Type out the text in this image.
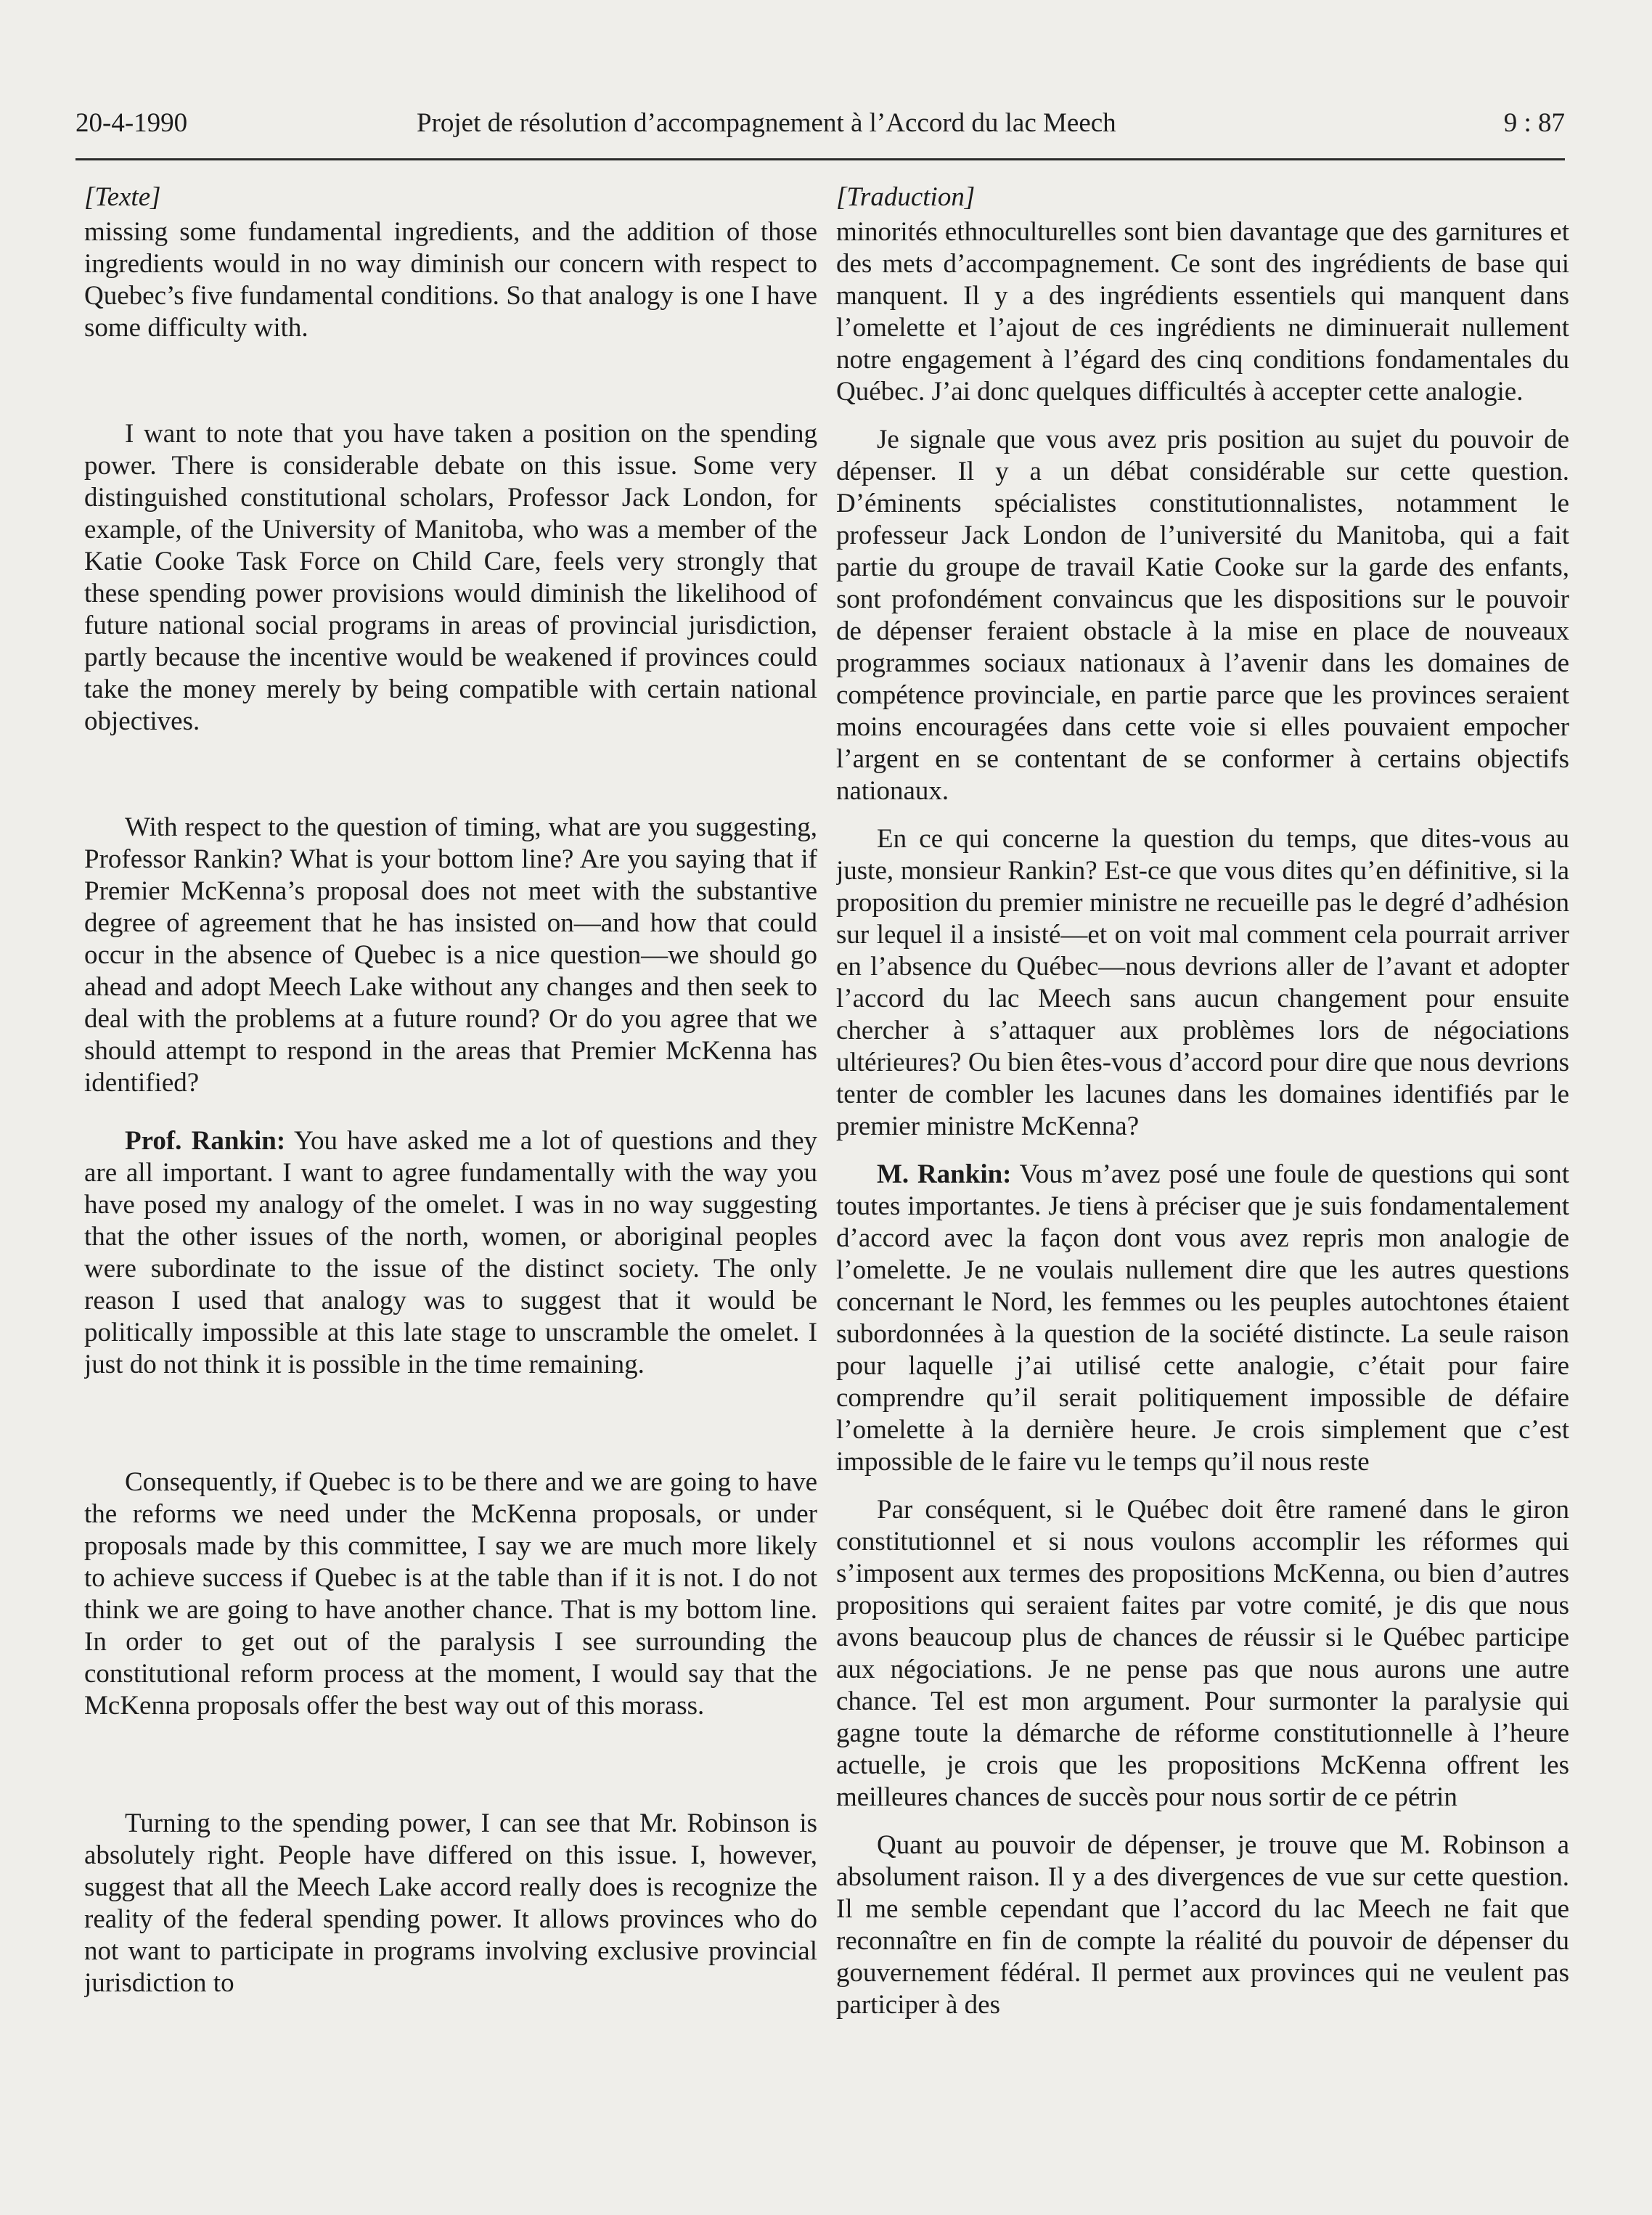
20-4-1990	Projet de résolution d’accompagnement à l’Accord du lac Meech	9 : 87
[Texte]

missing some fundamental ingredients, and the addition of those ingredients would in no way diminish our concern with respect to Quebec’s five fundamental conditions. So that analogy is one I have some difficulty with.

I want to note that you have taken a position on the spending power. There is considerable debate on this issue. Some very distinguished constitutional scholars, Professor Jack London, for example, of the University of Manitoba, who was a member of the Katie Cooke Task Force on Child Care, feels very strongly that these spending power provisions would diminish the likelihood of future national social programs in areas of provincial jurisdiction, partly because the incentive would be weakened if provinces could take the money merely by being compatible with certain national objectives.

With respect to the question of timing, what are you suggesting, Professor Rankin? What is your bottom line? Are you saying that if Premier McKenna’s proposal does not meet with the substantive degree of agreement that he has insisted on—and how that could occur in the absence of Quebec is a nice question—we should go ahead and adopt Meech Lake without any changes and then seek to deal with the problems at a future round? Or do you agree that we should attempt to respond in the areas that Premier McKenna has identified?

Prof. Rankin: You have asked me a lot of questions and they are all important. I want to agree fundamentally with the way you have posed my analogy of the omelet. I was in no way suggesting that the other issues of the north, women, or aboriginal peoples were subordinate to the issue of the distinct society. The only reason I used that analogy was to suggest that it would be politically impossible at this late stage to unscramble the omelet. I just do not think it is possible in the time remaining.

Consequently, if Quebec is to be there and we are going to have the reforms we need under the McKenna proposals, or under proposals made by this committee, I say we are much more likely to achieve success if Quebec is at the table than if it is not. I do not think we are going to have another chance. That is my bottom line. In order to get out of the paralysis I see surrounding the constitutional reform process at the moment, I would say that the McKenna proposals offer the best way out of this morass.

Turning to the spending power, I can see that Mr. Robinson is absolutely right. People have differed on this issue. I, however, suggest that all the Meech Lake accord really does is recognize the reality of the federal spending power. It allows provinces who do not want to participate in programs involving exclusive provincial jurisdiction to

[Traduction]

minorités ethnoculturelles sont bien davantage que des garnitures et des mets d’accompagnement. Ce sont des ingrédients de base qui manquent. Il y a des ingrédients essentiels qui manquent dans l’omelette et l’ajout de ces ingrédients ne diminuerait nullement notre engagement à l’égard des cinq conditions fondamentales du Québec. J’ai donc quelques difficultés à accepter cette analogie.

Je signale que vous avez pris position au sujet du pouvoir de dépenser. Il y a un débat considérable sur cette question. D’éminents spécialistes constitutionnalistes, notamment le professeur Jack London de l’université du Manitoba, qui a fait partie du groupe de travail Katie Cooke sur la garde des enfants, sont profondément convaincus que les dispositions sur le pouvoir de dépenser feraient obstacle à la mise en place de nouveaux programmes sociaux nationaux à l’avenir dans les domaines de compétence provinciale, en partie parce que les provinces seraient moins encouragées dans cette voie si elles pouvaient empocher l’argent en se contentant de se conformer à certains objectifs nationaux.

En ce qui concerne la question du temps, que dites-vous au juste, monsieur Rankin? Est-ce que vous dites qu’en définitive, si la proposition du premier ministre ne recueille pas le degré d’adhésion sur lequel il a insisté—et on voit mal comment cela pourrait arriver en l’absence du Québec—nous devrions aller de l’avant et adopter l’accord du lac Meech sans aucun changement pour ensuite chercher à s’attaquer aux problèmes lors de négociations ultérieures? Ou bien êtes-vous d’accord pour dire que nous devrions tenter de combler les lacunes dans les domaines identifiés par le premier ministre McKenna?

M. Rankin: Vous m’avez posé une foule de questions qui sont toutes importantes. Je tiens à préciser que je suis fondamentalement d’accord avec la façon dont vous avez repris mon analogie de l’omelette. Je ne voulais nullement dire que les autres questions concernant le Nord, les femmes ou les peuples autochtones étaient subordonnées à la question de la société distincte. La seule raison pour laquelle j’ai utilisé cette analogie, c’était pour faire comprendre qu’il serait politiquement impossible de défaire l’omelette à la dernière heure. Je crois simplement que c’est impossible de le faire vu le temps qu’il nous reste

Par conséquent, si le Québec doit être ramené dans le giron constitutionnel et si nous voulons accomplir les réformes qui s’imposent aux termes des propositions McKenna, ou bien d’autres propositions qui seraient faites par votre comité, je dis que nous avons beaucoup plus de chances de réussir si le Québec participe aux négociations. Je ne pense pas que nous aurons une autre chance. Tel est mon argument. Pour surmonter la paralysie qui gagne toute la démarche de réforme constitutionnelle à l’heure actuelle, je crois que les propositions McKenna offrent les meilleures chances de succès pour nous sortir de ce pétrin

Quant au pouvoir de dépenser, je trouve que M. Robinson a absolument raison. Il y a des divergences de vue sur cette question. Il me semble cependant que l’accord du lac Meech ne fait que reconnaître en fin de compte la réalité du pouvoir de dépenser du gouvernement fédéral. Il permet aux provinces qui ne veulent pas participer à des
